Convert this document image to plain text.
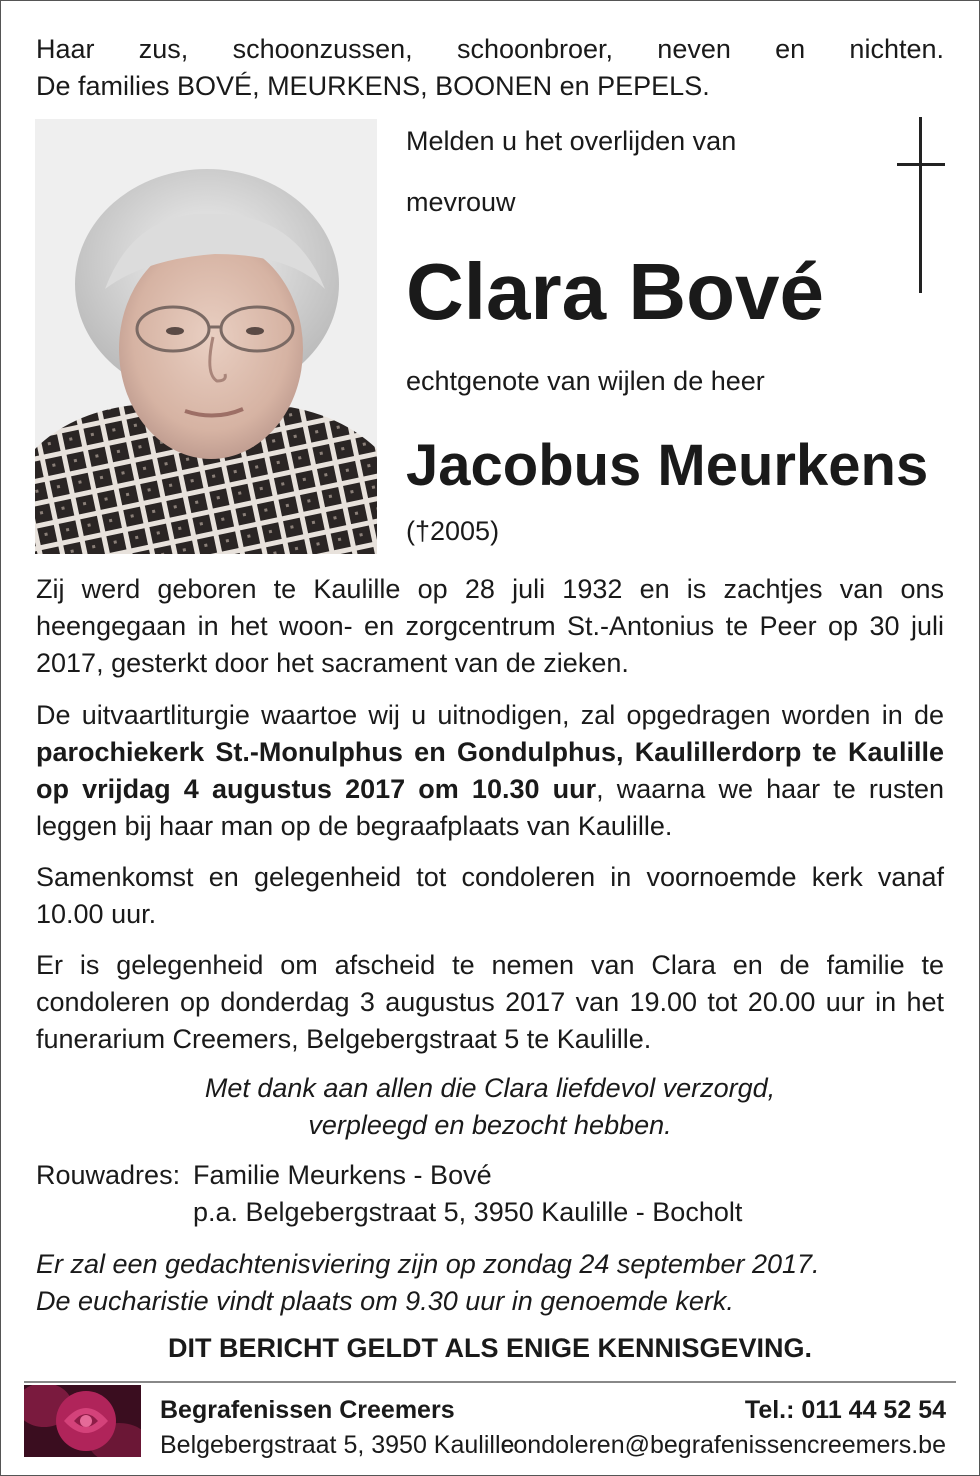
Haar zus, schoonzussen, schoonbroer, neven en nichten.

De families BOVÉ, MEURKENS, BOONEN en PEPELS.

Melden u het overlijden van
mevrouw
Clara Bové
echtgenote van wijlen de heer
Jacobus Meurkens
(†2005)

Zij werd geboren te Kaulille op 28 juli 1932 en is zachtjes van ons heengegaan in het woon- en zorgcentrum St.-Antonius te Peer op 30 juli 2017, gesterkt door het sacrament van de zieken.

De uitvaartliturgie waartoe wij u uitnodigen, zal opgedragen worden in de parochiekerk St.-Monulphus en Gondulphus, Kaulillerdorp te Kaulille op vrijdag 4 augustus 2017 om 10.30 uur, waarna we haar te rusten leggen bij haar man op de begraafplaats van Kaulille.

Samenkomst en gelegenheid tot condoleren in voornoemde kerk vanaf 10.00 uur.

Er is gelegenheid om afscheid te nemen van Clara en de familie te condoleren op donderdag 3 augustus 2017 van 19.00 tot 20.00 uur in het funerarium Creemers, Belgebergstraat 5 te Kaulille.

Met dank aan allen die Clara liefdevol verzorgd,
verpleegd en bezocht hebben.
Rouwadres: Familie Meurkens - Bové
p.a. Belgebergstraat 5, 3950 Kaulille - Bocholt
Er zal een gedachtenisviering zijn op zondag 24 september 2017.
De eucharistie vindt plaats om 9.30 uur in genoemde kerk.
DIT BERICHT GELDT ALS ENIGE KENNISGEVING.
Begrafenissen Creemers
Belgebergstraat 5, 3950 Kaulille
Tel.: 011 44 52 54
condoleren@begrafenissencreemers.be
